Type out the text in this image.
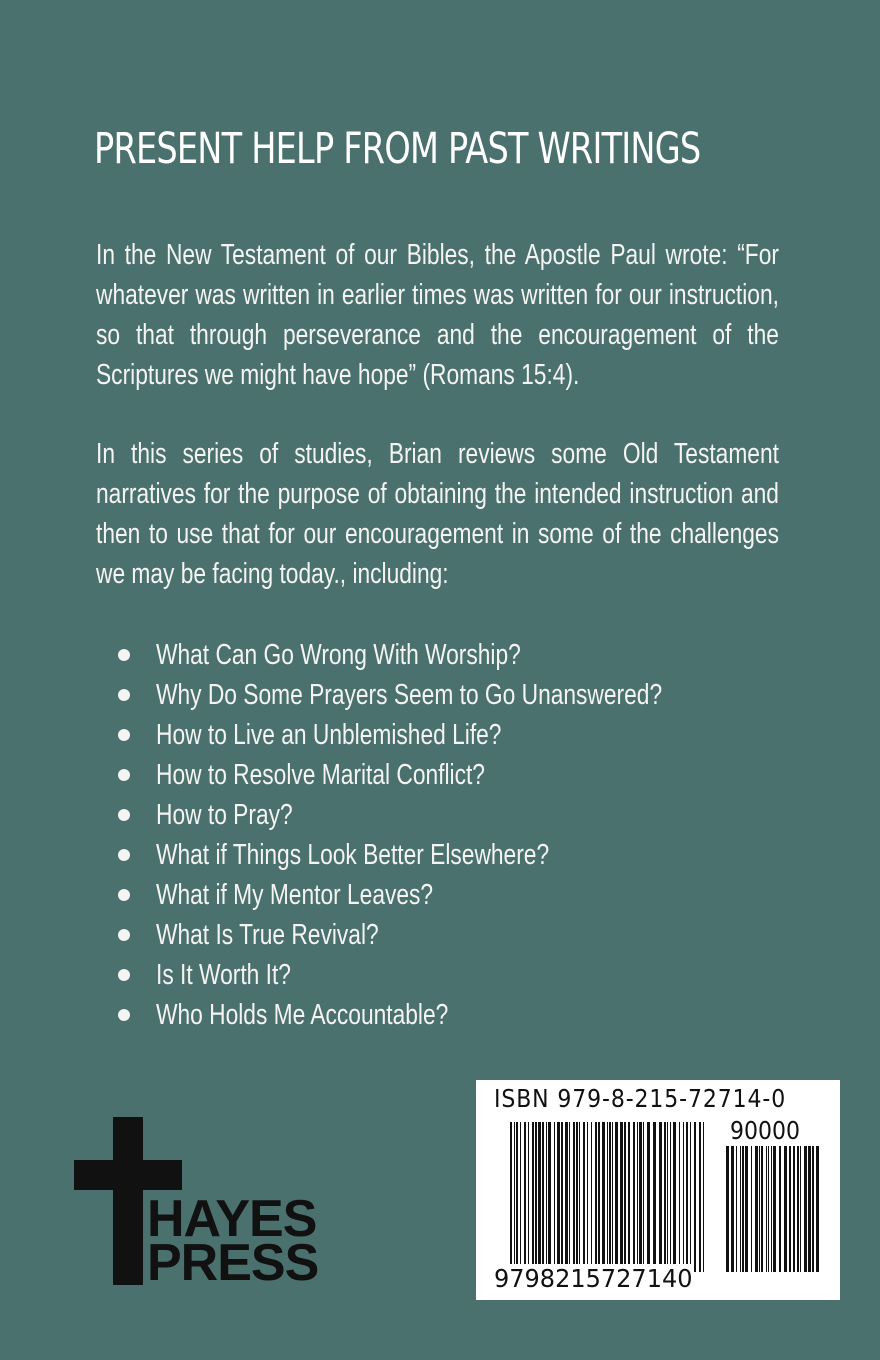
PRESENT HELP FROM PAST WRITINGS

In the New Testament of our Bibles, the Apostle Paul wrote: “For whatever was written in earlier times was written for our instruction, so that through perseverance and the encouragement of the Scriptures we might have hope” (Romans 15:4).

In this series of studies, Brian reviews some Old Testament narratives for the purpose of obtaining the intended instruction and then to use that for our encouragement in some of the challenges we may be facing today., including:

What Can Go Wrong With Worship?
Why Do Some Prayers Seem to Go Unanswered?
How to Live an Unblemished Life?
How to Resolve Marital Conflict?
How to Pray?
What if Things Look Better Elsewhere?
What if My Mentor Leaves?
What Is True Revival?
Is It Worth It?
Who Holds Me Accountable?
HAYES
PRESS
ISBN 979-8-215-72714-0
90000
9798215727140
